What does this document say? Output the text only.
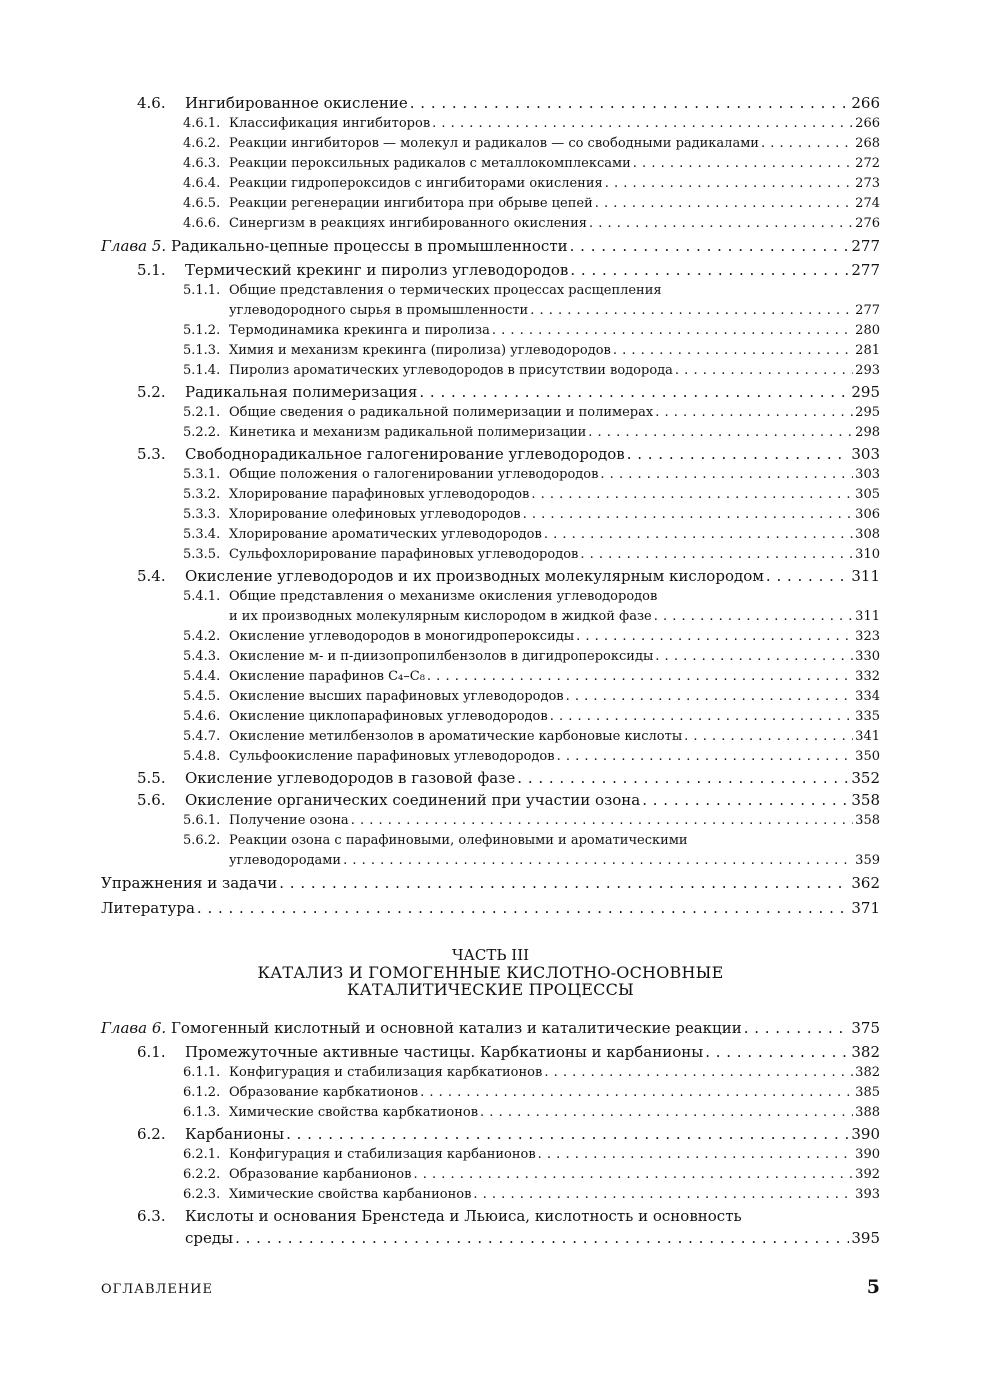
4.6.	Ингибированное окисление . . .	266
4.6.1. Классификация ингибиторов . . .	266
4.6.2. Реакции ингибиторов — молекул и радикалов — со свободными радикалами . . .	268
4.6.3. Реакции пероксильных радикалов с металлокомплексами . . .	272
4.6.4. Реакции гидропероксидов с ингибиторами окисления . . .	273
4.6.5. Реакции регенерации ингибитора при обрыве цепей . . .	274
4.6.6. Синергизм в реакциях ингибированного окисления . . .	276
Глава 5. Радикально-цепные процессы в промышленности . . .	277
5.1.	Термический крекинг и пиролиз углеводородов . . .	277
5.1.1. Общие представления о термических процессах расщепления
углеводородного сырья в промышленности . . .	277
5.1.2. Термодинамика крекинга и пиролиза . . .	280
5.1.3. Химия и механизм крекинга (пиролиза) углеводородов . . .	281
5.1.4. Пиролиз ароматических углеводородов в присутствии водорода . . .	293
5.2.	Радикальная полимеризация . . .	295
5.2.1. Общие сведения о радикальной полимеризации и полимерах . . .	295
5.2.2. Кинетика и механизм радикальной полимеризации . . .	298
5.3.	Свободнорадикальное галогенирование углеводородов . . .	303
5.3.1. Общие положения о галогенировании углеводородов . . .	303
5.3.2. Хлорирование парафиновых углеводородов . . .	305
5.3.3. Хлорирование олефиновых углеводородов . . .	306
5.3.4. Хлорирование ароматических углеводородов . . .	308
5.3.5. Сульфохлорирование парафиновых углеводородов . . .	310
5.4.	Окисление углеводородов и их производных молекулярным кислородом . . .	311
5.4.1. Общие представления о механизме окисления углеводородов
и их производных молекулярным кислородом в жидкой фазе . . .	311
5.4.2. Окисление углеводородов в моногидропероксиды . . .	323
5.4.3. Окисление м- и п-диизопропилбензолов в дигидропероксиды . . .	330
5.4.4. Окисление парафинов C₄–C₈ . . .	332
5.4.5. Окисление высших парафиновых углеводородов . . .	334
5.4.6. Окисление циклопарафиновых углеводородов . . .	335
5.4.7. Окисление метилбензолов в ароматические карбоновые кислоты . . .	341
5.4.8. Сульфоокисление парафиновых углеводородов . . .	350
5.5.	Окисление углеводородов в газовой фазе . . .	352
5.6.	Окисление органических соединений при участии озона . . .	358
5.6.1. Получение озона . . .	358
5.6.2. Реакции озона с парафиновыми, олефиновыми и ароматическими
углеводородами . . .	359
Упражнения и задачи . . .	362
Литература . . .	371
ЧАСТЬ III
КАТАЛИЗ И ГОМОГЕННЫЕ КИСЛОТНО-ОСНОВНЫЕ
КАТАЛИТИЧЕСКИЕ ПРОЦЕССЫ
Глава 6. Гомогенный кислотный и основной катализ и каталитические реакции . . .	375
6.1.	Промежуточные активные частицы. Карбкатионы и карбанионы . . .	382
6.1.1. Конфигурация и стабилизация карбкатионов . . .	382
6.1.2. Образование карбкатионов . . .	385
6.1.3. Химические свойства карбкатионов . . .	388
6.2.	Карбанионы . . .	390
6.2.1. Конфигурация и стабилизация карбанионов . . .	390
6.2.2. Образование карбанионов . . .	392
6.2.3. Химические свойства карбанионов . . .	393
6.3.	Кислоты и основания Бренстеда и Льюиса, кислотность и основность
среды . . .	395
ОГЛАВЛЕНИЕ	5
